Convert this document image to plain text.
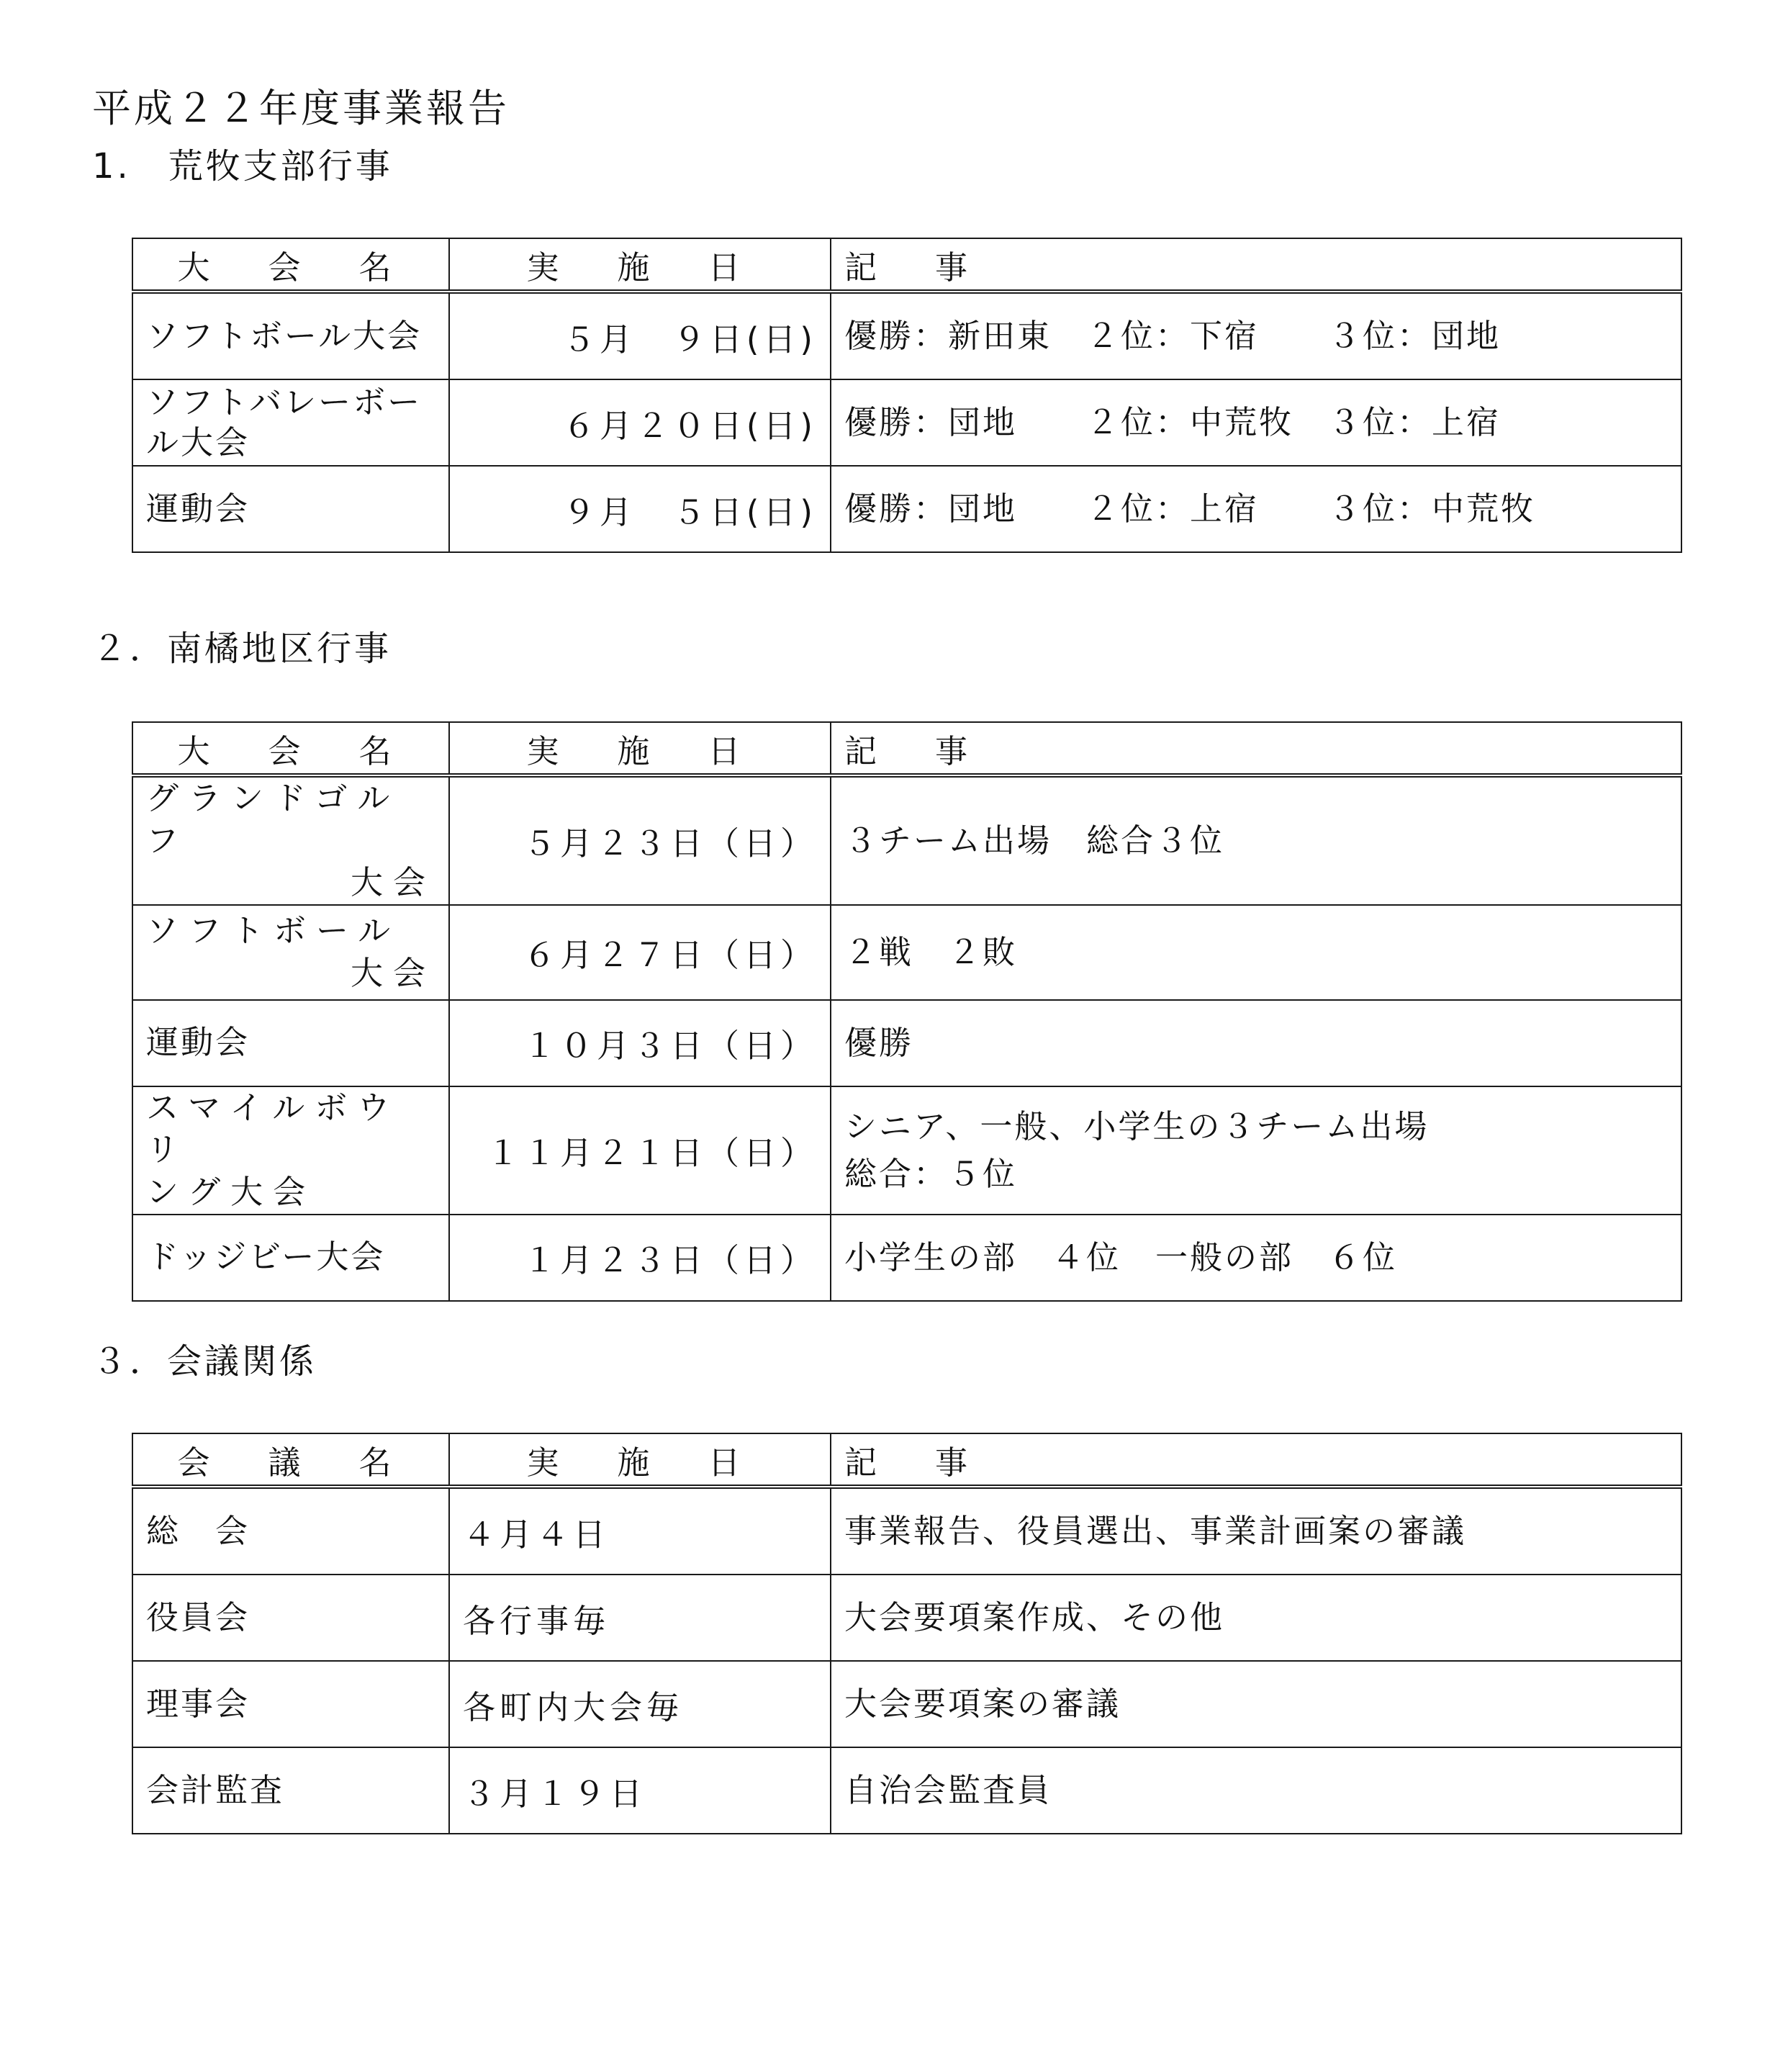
平成２２年度事業報告
1.　荒牧支部行事
大　会　名	実　施　日	記　事
ソフトボール大会	５月　９日(日)	優勝：新田東　２位：下宿　　３位：団地
ソフトバレーボール大会	６月２０日(日)	優勝：団地　　２位：中荒牧　３位：上宿
運動会	９月　５日(日)	優勝：団地　　２位：上宿　　３位：中荒牧
２．南橘地区行事
大　会　名	実　施　日	記　事

グランドゴルフ
大会	５月２３日（日）	３チーム出場　総合３位

ソフトボール
大会	６月２７日（日）	２戦　２敗
運動会	１０月３日（日）	優勝

スマイルボウリ
ング大会	１１月２１日（日）	シニア、一般、小学生の３チーム出場
総合：５位

ドッジビー大会	１月２３日（日）	小学生の部　４位　一般の部　６位
３．会議関係
会　議　名	実　施　日	記　事
総　会	４月４日	事業報告、役員選出、事業計画案の審議
役員会	各行事毎	大会要項案作成、その他
理事会	各町内大会毎	大会要項案の審議
会計監査	３月１９日	自治会監査員
